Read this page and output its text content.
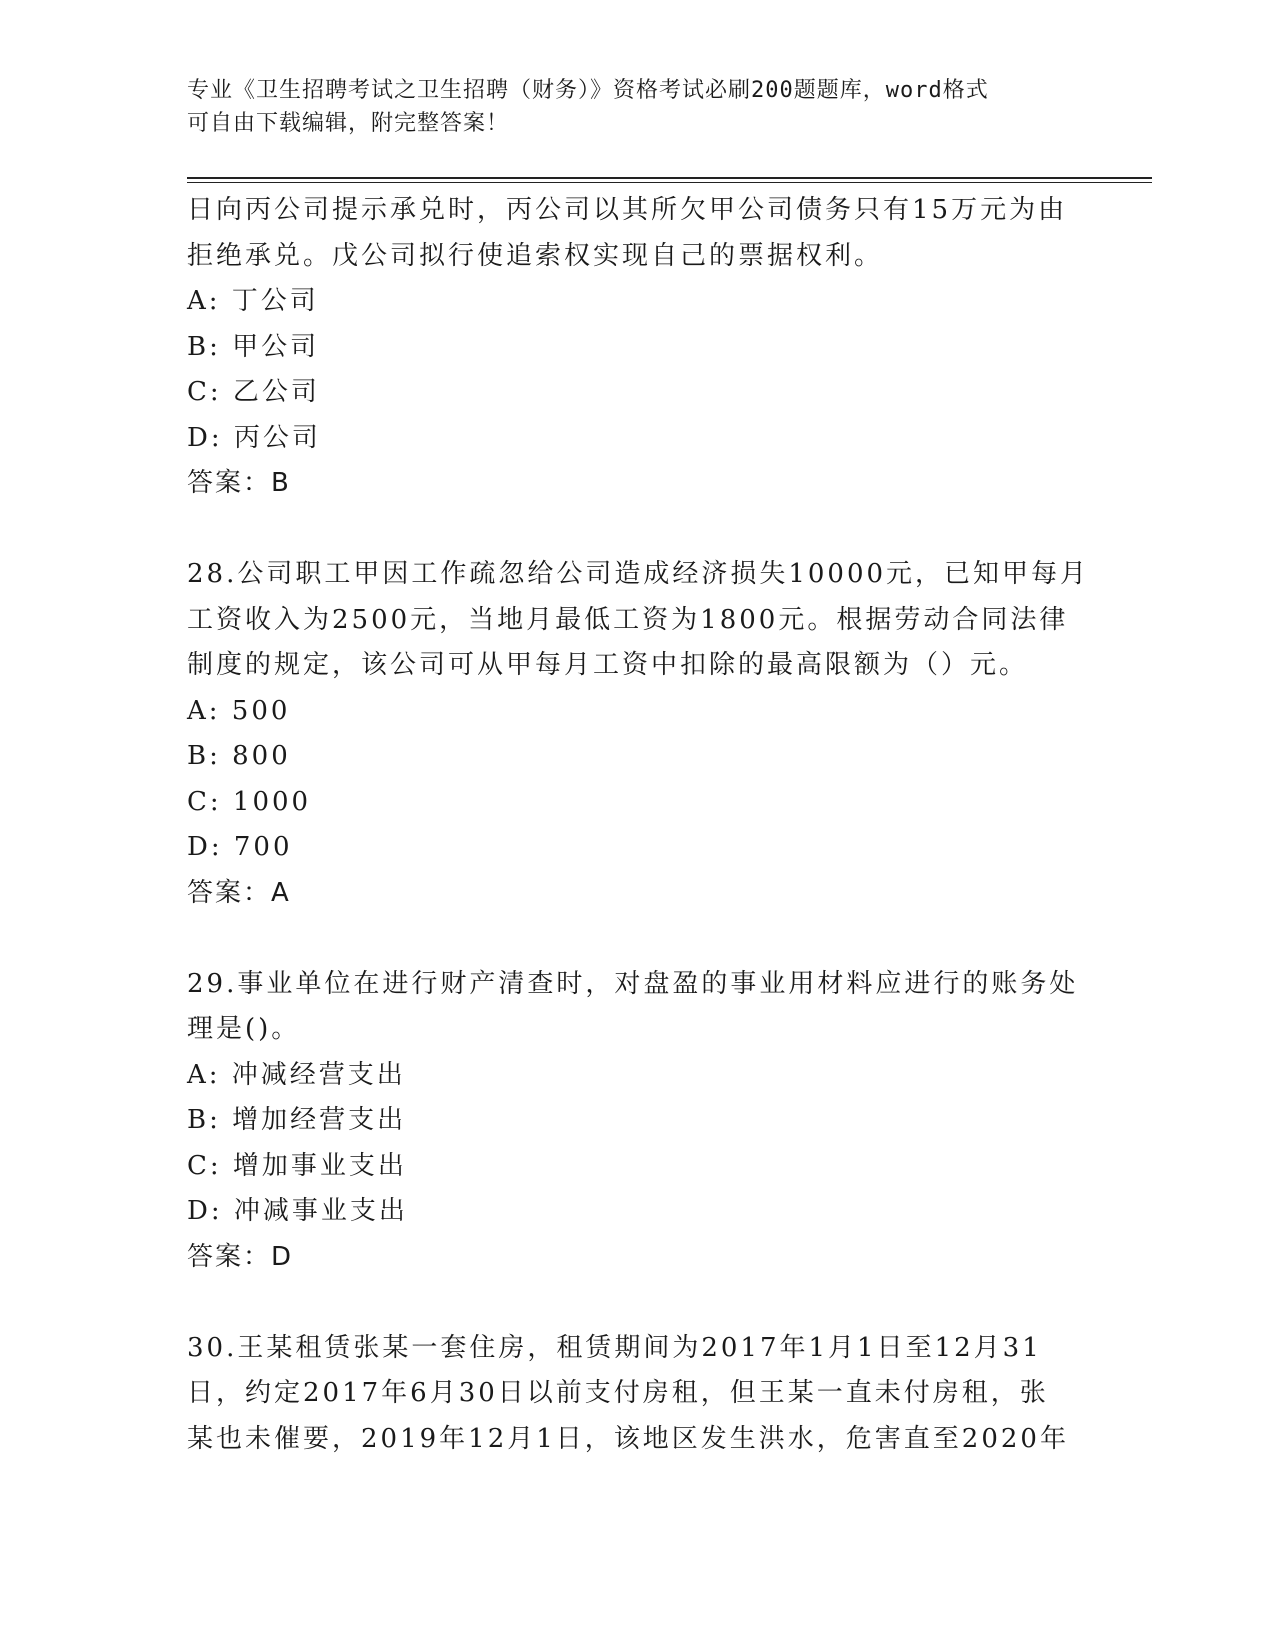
专业《卫生招聘考试之卫生招聘（财务）》资格考试必刷200题题库，word格式
可自由下载编辑，附完整答案！
日向丙公司提示承兑时，丙公司以其所欠甲公司债务只有15万元为由
拒绝承兑。戊公司拟行使追索权实现自己的票据权利。
A: 丁公司
B: 甲公司
C: 乙公司
D: 丙公司
答案：B
28.公司职工甲因工作疏忽给公司造成经济损失10000元，已知甲每月
工资收入为2500元，当地月最低工资为1800元。根据劳动合同法律
制度的规定，该公司可从甲每月工资中扣除的最高限额为（）元。
A: 500
B: 800
C: 1000
D: 700
答案：A
29.事业单位在进行财产清查时，对盘盈的事业用材料应进行的账务处
理是()。
A: 冲减经营支出
B: 增加经营支出
C: 增加事业支出
D: 冲减事业支出
答案：D
30.王某租赁张某一套住房，租赁期间为2017年1月1日至12月31
日，约定2017年6月30日以前支付房租，但王某一直未付房租，张
某也未催要，2019年12月1日，该地区发生洪水，危害直至2020年
